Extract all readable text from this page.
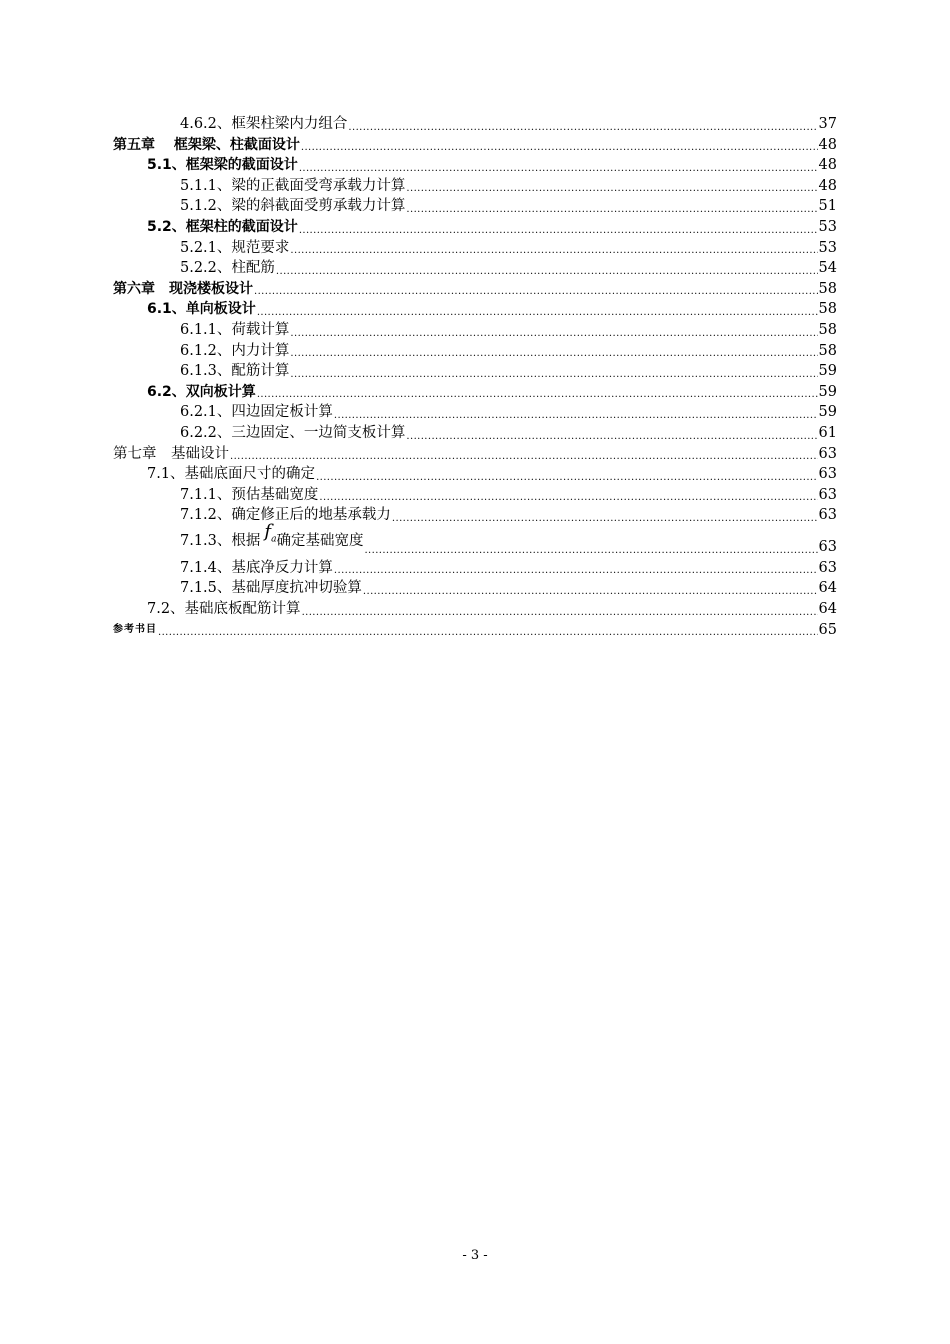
4.6.2、框架柱梁内力组合 .....	37
第五章　 框架梁、柱截面设计 .....	48
5.1、框架梁的截面设计 .....	48
5.1.1、梁的正截面受弯承载力计算 .....	48
5.1.2、梁的斜截面受剪承载力计算 .....	51
5.2、框架柱的截面设计 .....	53
5.2.1、规范要求 .....	53
5.2.2、柱配筋 .....	54
第六章　现浇楼板设计 .....	58
6.1、单向板设计 .....	58
6.1.1、荷载计算 .....	58
6.1.2、内力计算 .....	58
6.1.3、配筋计算 .....	59
6.2、双向板计算 .....	59
6.2.1、四边固定板计算 .....	59
6.2.2、三边固定、一边简支板计算 .....	61
第七章　基础设计 .....	63
7.1、基础底面尺寸的确定 .....	63
7.1.1、预估基础宽度 .....	63
7.1.2、确定修正后的地基承载力 .....	63
7.1.3、根据 $f_a$确定基础宽度 .....	63
7.1.4、基底净反力计算 .....	63
7.1.5、基础厚度抗冲切验算 .....	64
7.2、基础底板配筋计算 .....	64
参考书目 .....	65
- 3 -
